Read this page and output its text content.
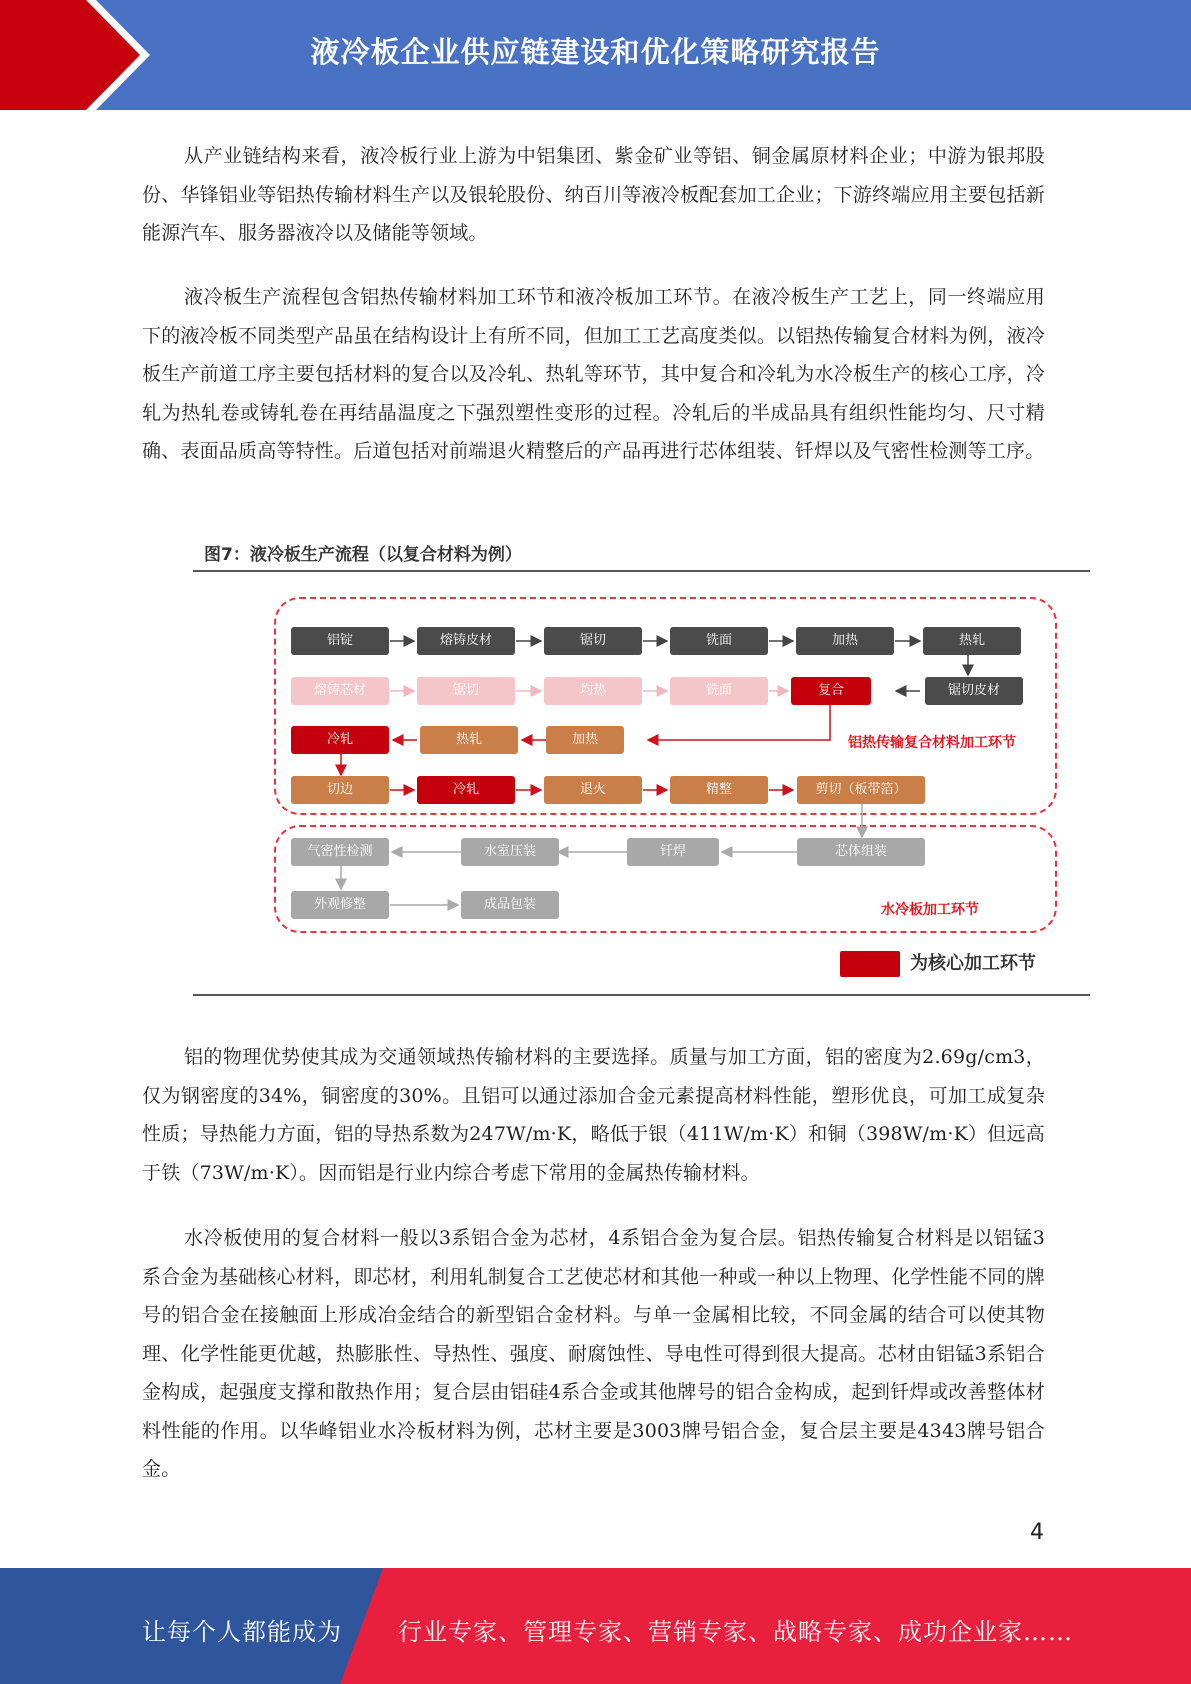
液冷板企业供应链建设和优化策略研究报告

从产业链结构来看，液冷板行业上游为中铝集团、紫金矿业等铝、铜金属原材料企业；中游为银邦股份、华锋铝业等铝热传输材料生产以及银轮股份、纳百川等液冷板配套加工企业；下游终端应用主要包括新能源汽车、服务器液冷以及储能等领域。

液冷板生产流程包含铝热传输材料加工环节和液冷板加工环节。在液冷板生产工艺上，同一终端应用下的液冷板不同类型产品虽在结构设计上有所不同，但加工工艺高度类似。以铝热传输复合材料为例，液冷板生产前道工序主要包括材料的复合以及冷轧、热轧等环节，其中复合和冷轧为水冷板生产的核心工序，冷轧为热轧卷或铸轧卷在再结晶温度之下强烈塑性变形的过程。冷轧后的半成品具有组织性能均匀、尺寸精确、表面品质高等特性。后道包括对前端退火精整后的产品再进行芯体组装、钎焊以及气密性检测等工序。

图7：液冷板生产流程（以复合材料为例）
铝热传输复合材料加工环节
水冷板加工环节
铝锭	熔铸皮材	锯切	铣面	加热	热轧
熔铸芯材	锯切	均热	铣面	复合	锯切皮材
冷轧	热轧	加热
切边	冷轧	退火	精整	剪切（板带箔）
气密性检测	水室压装	钎焊	芯体组装
外观修整	成品包装
为核心加工环节

铝的物理优势使其成为交通领域热传输材料的主要选择。质量与加工方面，铝的密度为2.69g/cm3，仅为钢密度的34%，铜密度的30%。且铝可以通过添加合金元素提高材料性能，塑形优良，可加工成复杂性质；导热能力方面，铝的导热系数为247W/m·K，略低于银（411W/m·K）和铜（398W/m·K）但远高于铁（73W/m·K）。因而铝是行业内综合考虑下常用的金属热传输材料。

水冷板使用的复合材料一般以3系铝合金为芯材，4系铝合金为复合层。铝热传输复合材料是以铝锰3系合金为基础核心材料，即芯材，利用轧制复合工艺使芯材和其他一种或一种以上物理、化学性能不同的牌号的铝合金在接触面上形成冶金结合的新型铝合金材料。与单一金属相比较，不同金属的结合可以使其物理、化学性能更优越，热膨胀性、导热性、强度、耐腐蚀性、导电性可得到很大提高。芯材由铝锰3系铝合金构成，起强度支撑和散热作用；复合层由铝硅4系合金或其他牌号的铝合金构成，起到钎焊或改善整体材料性能的作用。以华峰铝业水冷板材料为例，芯材主要是3003牌号铝合金，复合层主要是4343牌号铝合金。

4
让每个人都能成为 行业专家、管理专家、营销专家、战略专家、成功企业家……
